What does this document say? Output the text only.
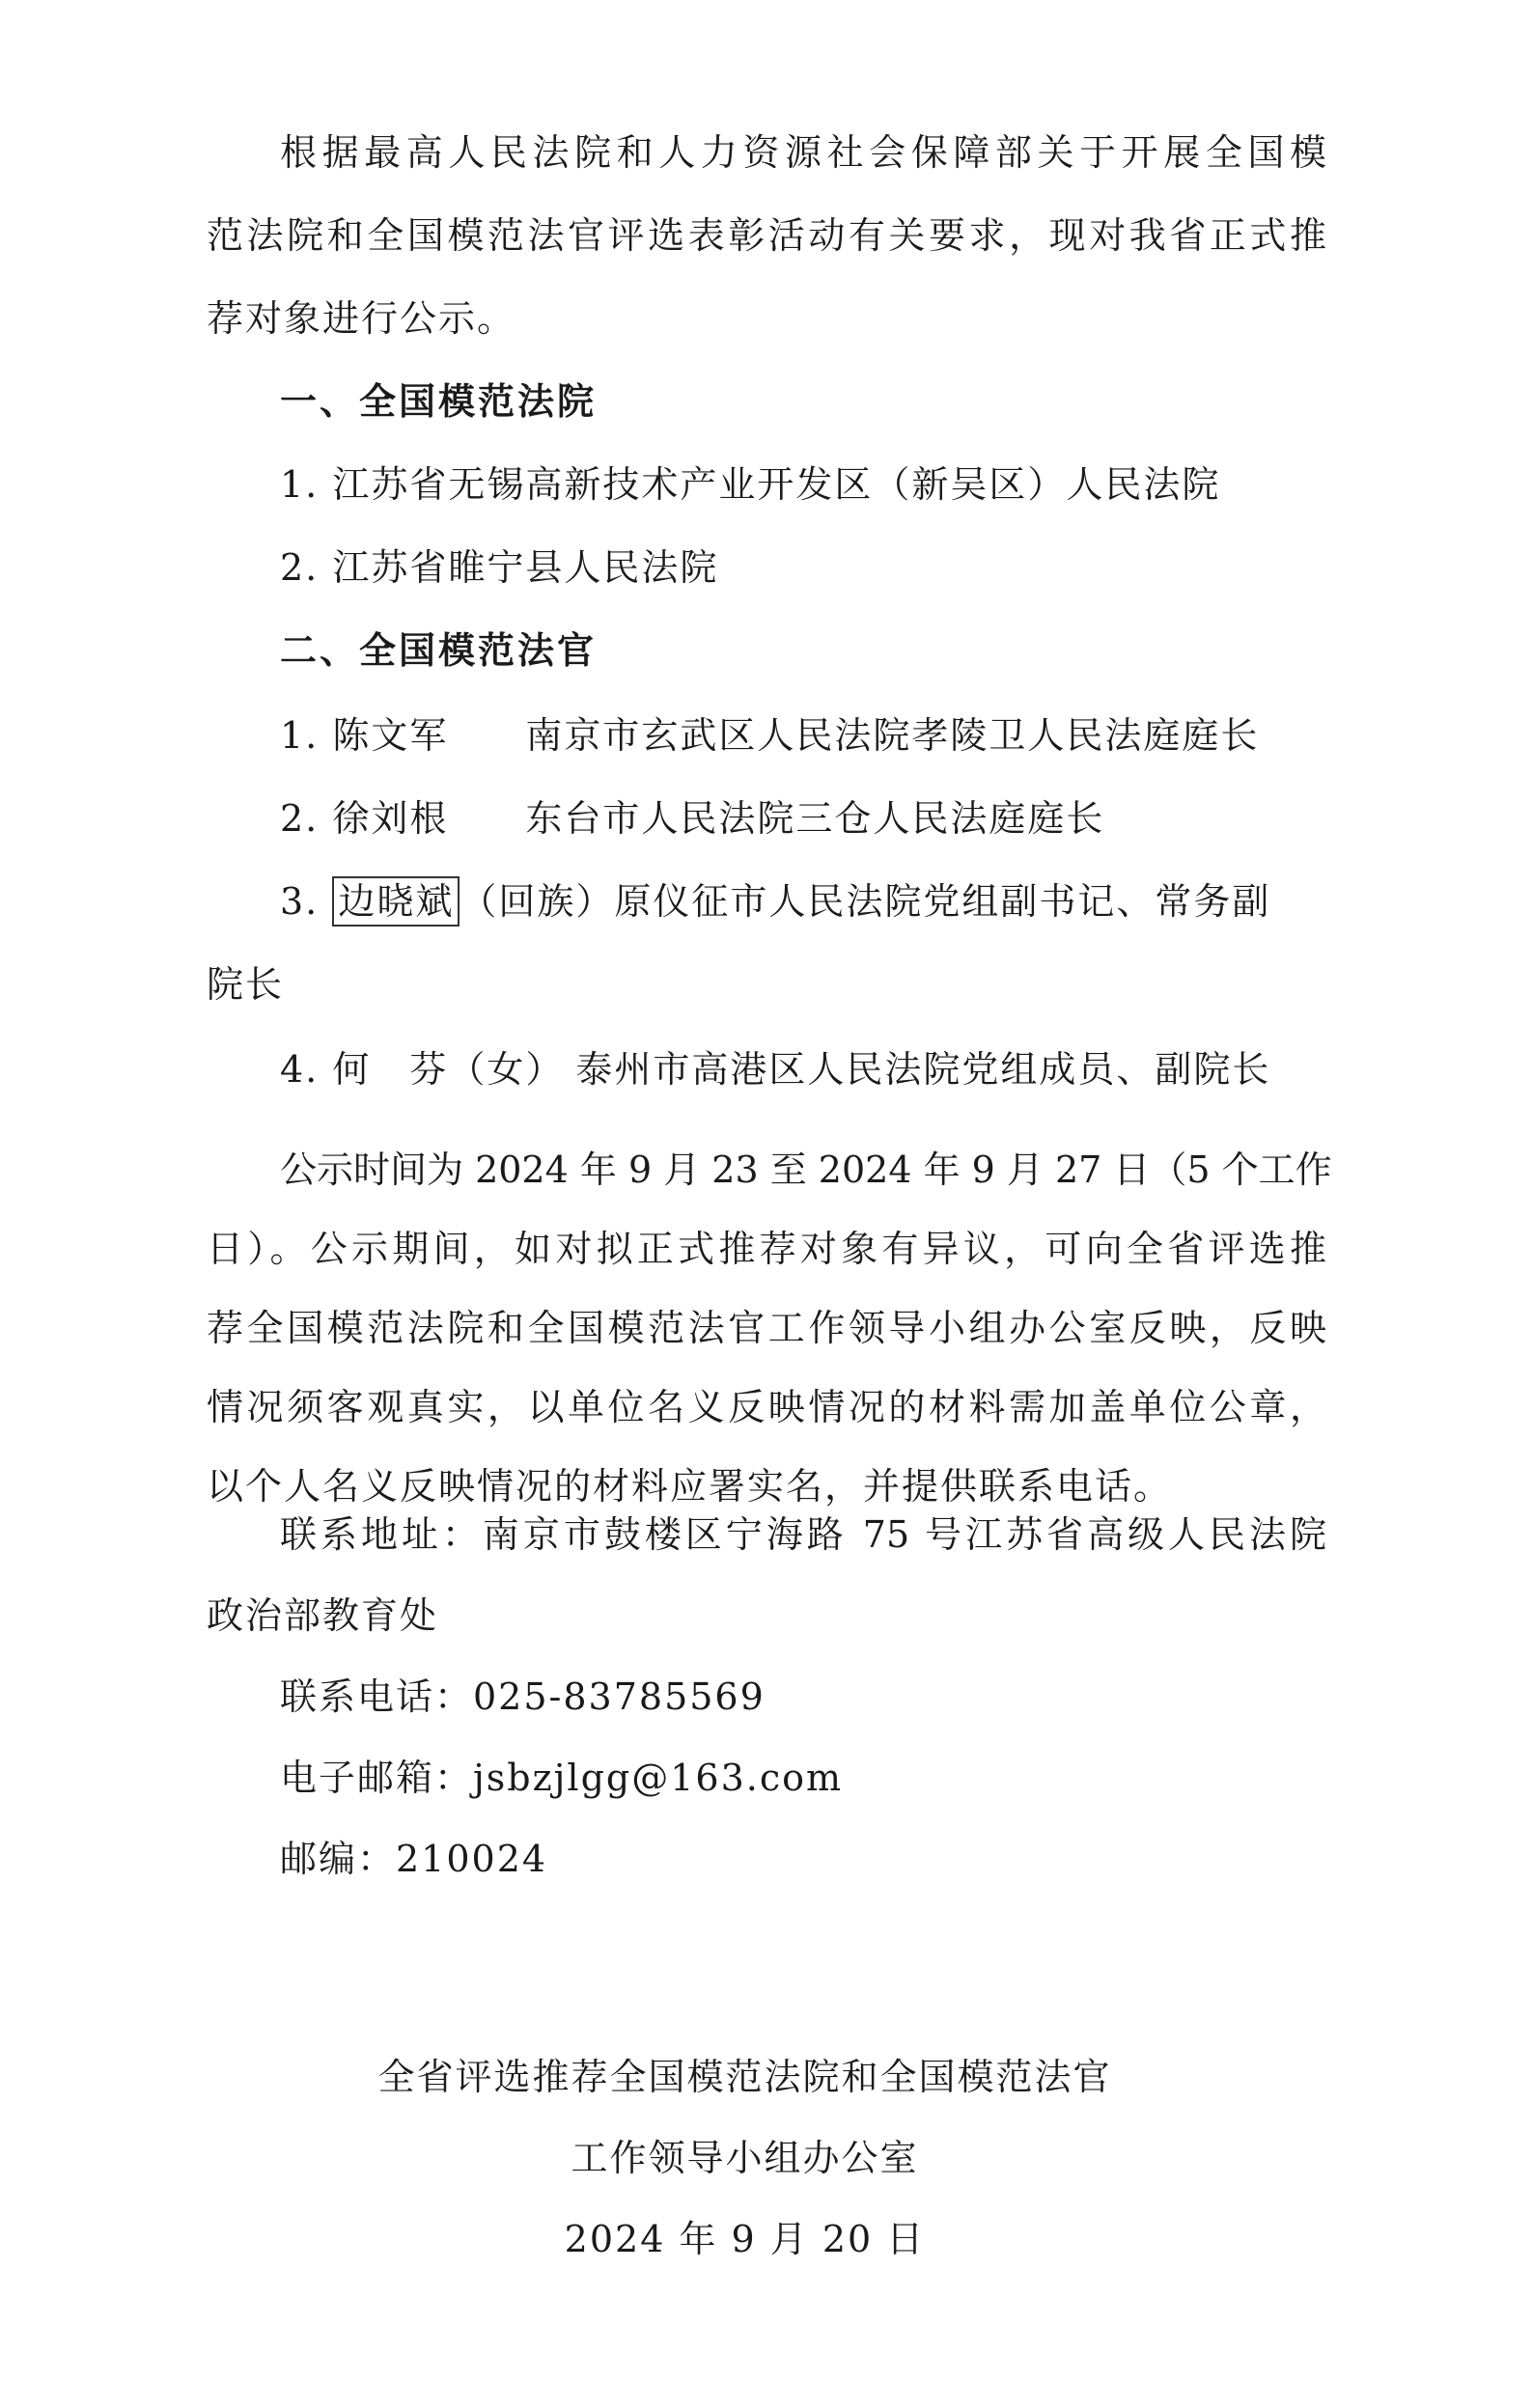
根据最高人民法院和人力资源社会保障部关于开展全国模
范法院和全国模范法官评选表彰活动有关要求，现对我省正式推
荐对象进行公示。
一、全国模范法院
1. 江苏省无锡高新技术产业开发区（新吴区）人民法院
2. 江苏省睢宁县人民法院
二、全国模范法官
1. 陈文军 南京市玄武区人民法院孝陵卫人民法庭庭长
2. 徐刘根 东台市人民法院三仓人民法庭庭长
3. 边晓斌 （回族）原仪征市人民法院党组副书记、常务副
院长
4. 何　芬（女） 泰州市高港区人民法院党组成员、副院长
公示时间为 2024 年 9 月 23 至 2024 年 9 月 27 日（5 个工作
日）。公示期间，如对拟正式推荐对象有异议，可向全省评选推
荐全国模范法院和全国模范法官工作领导小组办公室反映，反映
情况须客观真实，以单位名义反映情况的材料需加盖单位公章，
以个人名义反映情况的材料应署实名，并提供联系电话。
联系地址：南京市鼓楼区宁海路 75 号江苏省高级人民法院
政治部教育处
联系电话：025-83785569
电子邮箱：jsbzjlgg@163.com
邮编：210024
全省评选推荐全国模范法院和全国模范法官
工作领导小组办公室
2024 年 9 月 20 日
